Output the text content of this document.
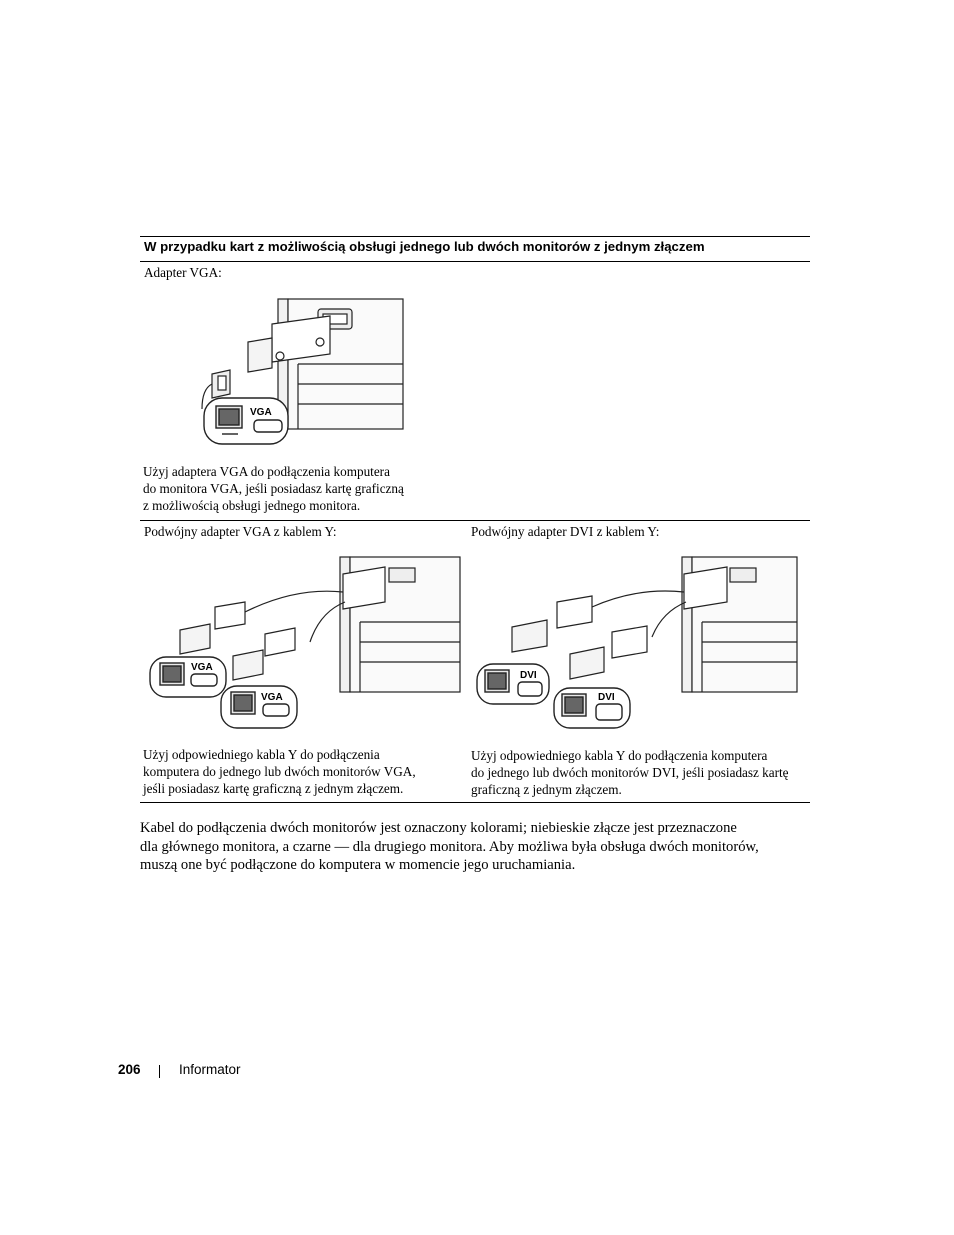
W przypadku kart z możliwością obsługi jednego lub dwóch monitorów z jednym złączem
Adapter VGA:
VGA
Użyj adaptera VGA do podłączenia komputera
do monitora VGA, jeśli posiadasz kartę graficzną
z możliwością obsługi jednego monitora.
Podwójny adapter VGA z kablem Y:
VGA
VGA
Użyj odpowiedniego kabla Y do podłączenia
komputera do jednego lub dwóch monitorów VGA,
jeśli posiadasz kartę graficzną z jednym złączem.
Podwójny adapter DVI z kablem Y:
DVI
DVI
Użyj odpowiedniego kabla Y do podłączenia komputera
do jednego lub dwóch monitorów DVI, jeśli posiadasz kartę
graficzną z jednym złączem.
Kabel do podłączenia dwóch monitorów jest oznaczony kolorami; niebieskie złącze jest przeznaczone
dla głównego monitora, a czarne — dla drugiego monitora. Aby możliwa była obsługa dwóch monitorów,
muszą one być podłączone do komputera w momencie jego uruchamiania.
206	Informator
